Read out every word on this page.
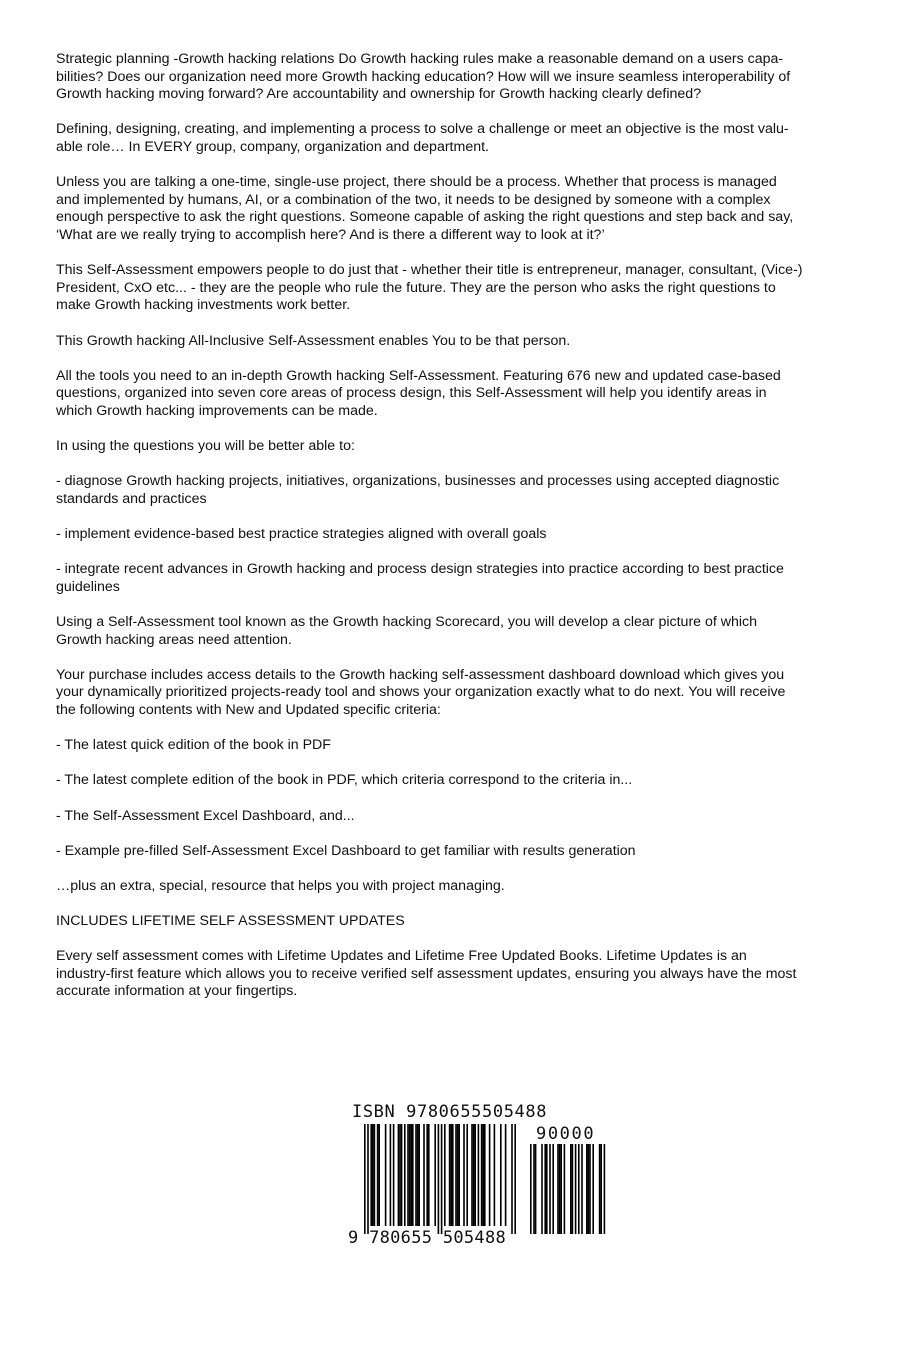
Strategic planning -Growth hacking relations Do Growth hacking rules make a reasonable demand on a users capa-
bilities? Does our organization need more Growth hacking education? How will we insure seamless interoperability of
Growth hacking moving forward? Are accountability and ownership for Growth hacking clearly defined?

Defining, designing, creating, and implementing a process to solve a challenge or meet an objective is the most valu-
able role… In EVERY group, company, organization and department.

Unless you are talking a one-time, single-use project, there should be a process. Whether that process is managed
and implemented by humans, AI, or a combination of the two, it needs to be designed by someone with a complex
enough perspective to ask the right questions. Someone capable of asking the right questions and step back and say,
‘What are we really trying to accomplish here? And is there a different way to look at it?’

This Self-Assessment empowers people to do just that - whether their title is entrepreneur, manager, consultant, (Vice-)
President, CxO etc... - they are the people who rule the future. They are the person who asks the right questions to
make Growth hacking investments work better.

This Growth hacking All-Inclusive Self-Assessment enables You to be that person.

All the tools you need to an in-depth Growth hacking Self-Assessment. Featuring 676 new and updated case-based
questions, organized into seven core areas of process design, this Self-Assessment will help you identify areas in
which Growth hacking improvements can be made.

In using the questions you will be better able to:

- diagnose Growth hacking projects, initiatives, organizations, businesses and processes using accepted diagnostic
standards and practices

- implement evidence-based best practice strategies aligned with overall goals

- integrate recent advances in Growth hacking and process design strategies into practice according to best practice
guidelines

Using a Self-Assessment tool known as the Growth hacking Scorecard, you will develop a clear picture of which
Growth hacking areas need attention.

Your purchase includes access details to the Growth hacking self-assessment dashboard download which gives you
your dynamically prioritized projects-ready tool and shows your organization exactly what to do next. You will receive
the following contents with New and Updated specific criteria:

- The latest quick edition of the book in PDF

- The latest complete edition of the book in PDF, which criteria correspond to the criteria in...

- The Self-Assessment Excel Dashboard, and...

- Example pre-filled Self-Assessment Excel Dashboard to get familiar with results generation

…plus an extra, special, resource that helps you with project managing.

INCLUDES LIFETIME SELF ASSESSMENT UPDATES

Every self assessment comes with Lifetime Updates and Lifetime Free Updated Books. Lifetime Updates is an
industry-first feature which allows you to receive verified self assessment updates, ensuring you always have the most
accurate information at your fingertips.

ISBN 9780655505488
90000
9 780655 505488
